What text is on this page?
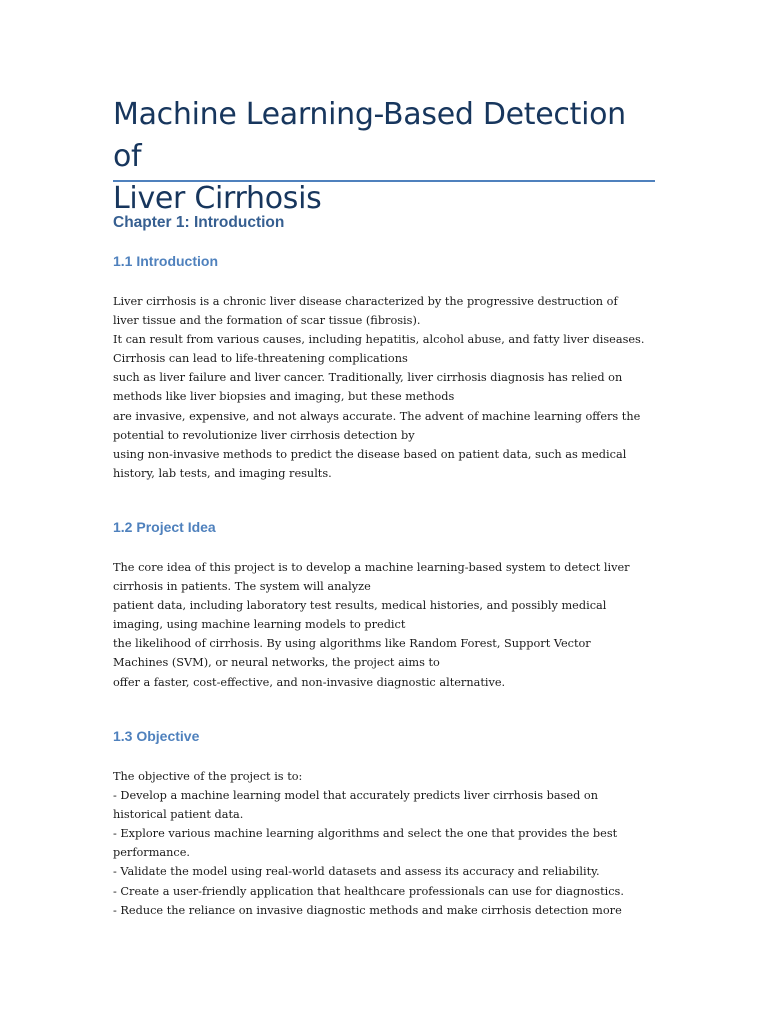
Machine Learning-Based Detection of
Liver Cirrhosis
Chapter 1: Introduction
1.1 Introduction
Liver cirrhosis is a chronic liver disease characterized by the progressive destruction of
liver tissue and the formation of scar tissue (fibrosis).
It can result from various causes, including hepatitis, alcohol abuse, and fatty liver diseases.
Cirrhosis can lead to life-threatening complications
such as liver failure and liver cancer. Traditionally, liver cirrhosis diagnosis has relied on
methods like liver biopsies and imaging, but these methods
are invasive, expensive, and not always accurate. The advent of machine learning offers the
potential to revolutionize liver cirrhosis detection by
using non-invasive methods to predict the disease based on patient data, such as medical
history, lab tests, and imaging results.
1.2 Project Idea
The core idea of this project is to develop a machine learning-based system to detect liver
cirrhosis in patients. The system will analyze
patient data, including laboratory test results, medical histories, and possibly medical
imaging, using machine learning models to predict
the likelihood of cirrhosis. By using algorithms like Random Forest, Support Vector
Machines (SVM), or neural networks, the project aims to
offer a faster, cost-effective, and non-invasive diagnostic alternative.
1.3 Objective
The objective of the project is to:
- Develop a machine learning model that accurately predicts liver cirrhosis based on
historical patient data.
- Explore various machine learning algorithms and select the one that provides the best
performance.
- Validate the model using real-world datasets and assess its accuracy and reliability.
- Create a user-friendly application that healthcare professionals can use for diagnostics.
- Reduce the reliance on invasive diagnostic methods and make cirrhosis detection more
